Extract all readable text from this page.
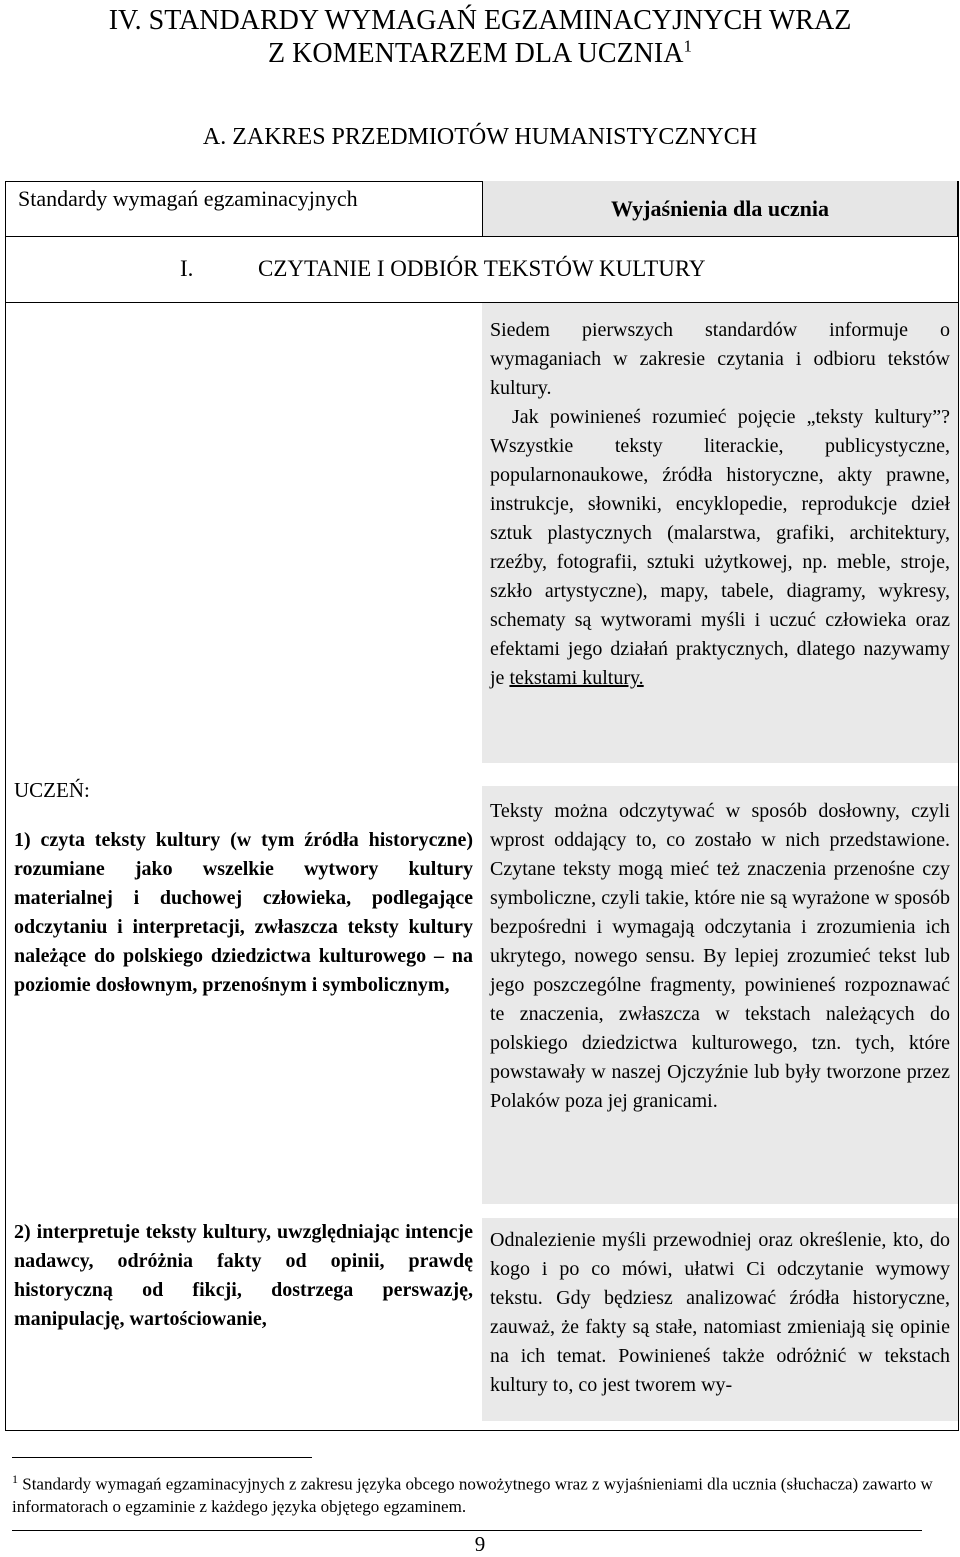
IV. STANDARDY WYMAGAŃ EGZAMINACYJNYCH WRAZ
Z KOMENTARZEM DLA UCZNIA$^1$
A. ZAKRES PRZEDMIOTÓW HUMANISTYCZNYCH
Standardy wymagań egzaminacyjnych	Wyjaśnienia dla ucznia
I.	CZYTANIE I ODBIÓR TEKSTÓW KULTURY
Siedem pierwszych standardów informuje o wymaganiach w zakresie czytania i odbioru tekstów kultury.
Jak powinieneś rozumieć pojęcie „teksty kultury”? Wszystkie teksty literackie, publicystyczne, popularnonaukowe, źródła historyczne, akty prawne, instrukcje, słowniki, encyklopedie, reprodukcje dzieł sztuk plastycznych (malarstwa, grafiki, architektury, rzeźby, fotografii, sztuki użytkowej, np. meble, stroje, szkło artystyczne), mapy, tabele, diagramy, wykresy, schematy są wytworami myśli i uczuć człowieka oraz efektami jego działań praktycznych, dlatego nazywamy je tekstami kultury.
Teksty można odczytywać w sposób dosłowny, czyli wprost oddający to, co zostało w nich przedstawione. Czytane teksty mogą mieć też znaczenia przenośne czy symboliczne, czyli takie, które nie są wyrażone w sposób bezpośredni i wymagają odczytania i zrozumienia ich ukrytego, nowego sensu. By lepiej zrozumieć tekst lub jego poszczególne fragmenty, powinieneś rozpoznawać te znaczenia, zwłaszcza w tekstach należących do polskiego dziedzictwa kulturowego, tzn. tych, które powstawały w naszej Ojczyźnie lub były tworzone przez Polaków poza jej granicami.
Odnalezienie myśli przewodniej oraz określenie, kto, do kogo i po co mówi, ułatwi Ci odczytanie wymowy tekstu. Gdy będziesz analizować źródła historyczne, zauważ, że fakty są stałe, natomiast zmieniają się opinie na ich temat. Powinieneś także odróżnić w tekstach kultury to, co jest tworem wy-
UCZEŃ:
1) czyta teksty kultury (w tym źródła historyczne) rozumiane jako wszelkie wytwory kultury materialnej i duchowej człowieka, podlegające odczytaniu i interpretacji, zwłaszcza teksty kultury należące do polskiego dziedzictwa kulturowego – na poziomie dosłownym, przenośnym i symbolicznym,
2) interpretuje teksty kultury, uwzględniając intencje nadawcy, odróżnia fakty od opinii, prawdę historyczną od fikcji, dostrzega perswazję, manipulację, wartościowanie,
$^1$ Standardy wymagań egzaminacyjnych z zakresu języka obcego nowożytnego wraz z wyjaśnieniami dla ucznia (słuchacza) zawarto w informatorach o egzaminie z każdego języka objętego egzaminem.
9
